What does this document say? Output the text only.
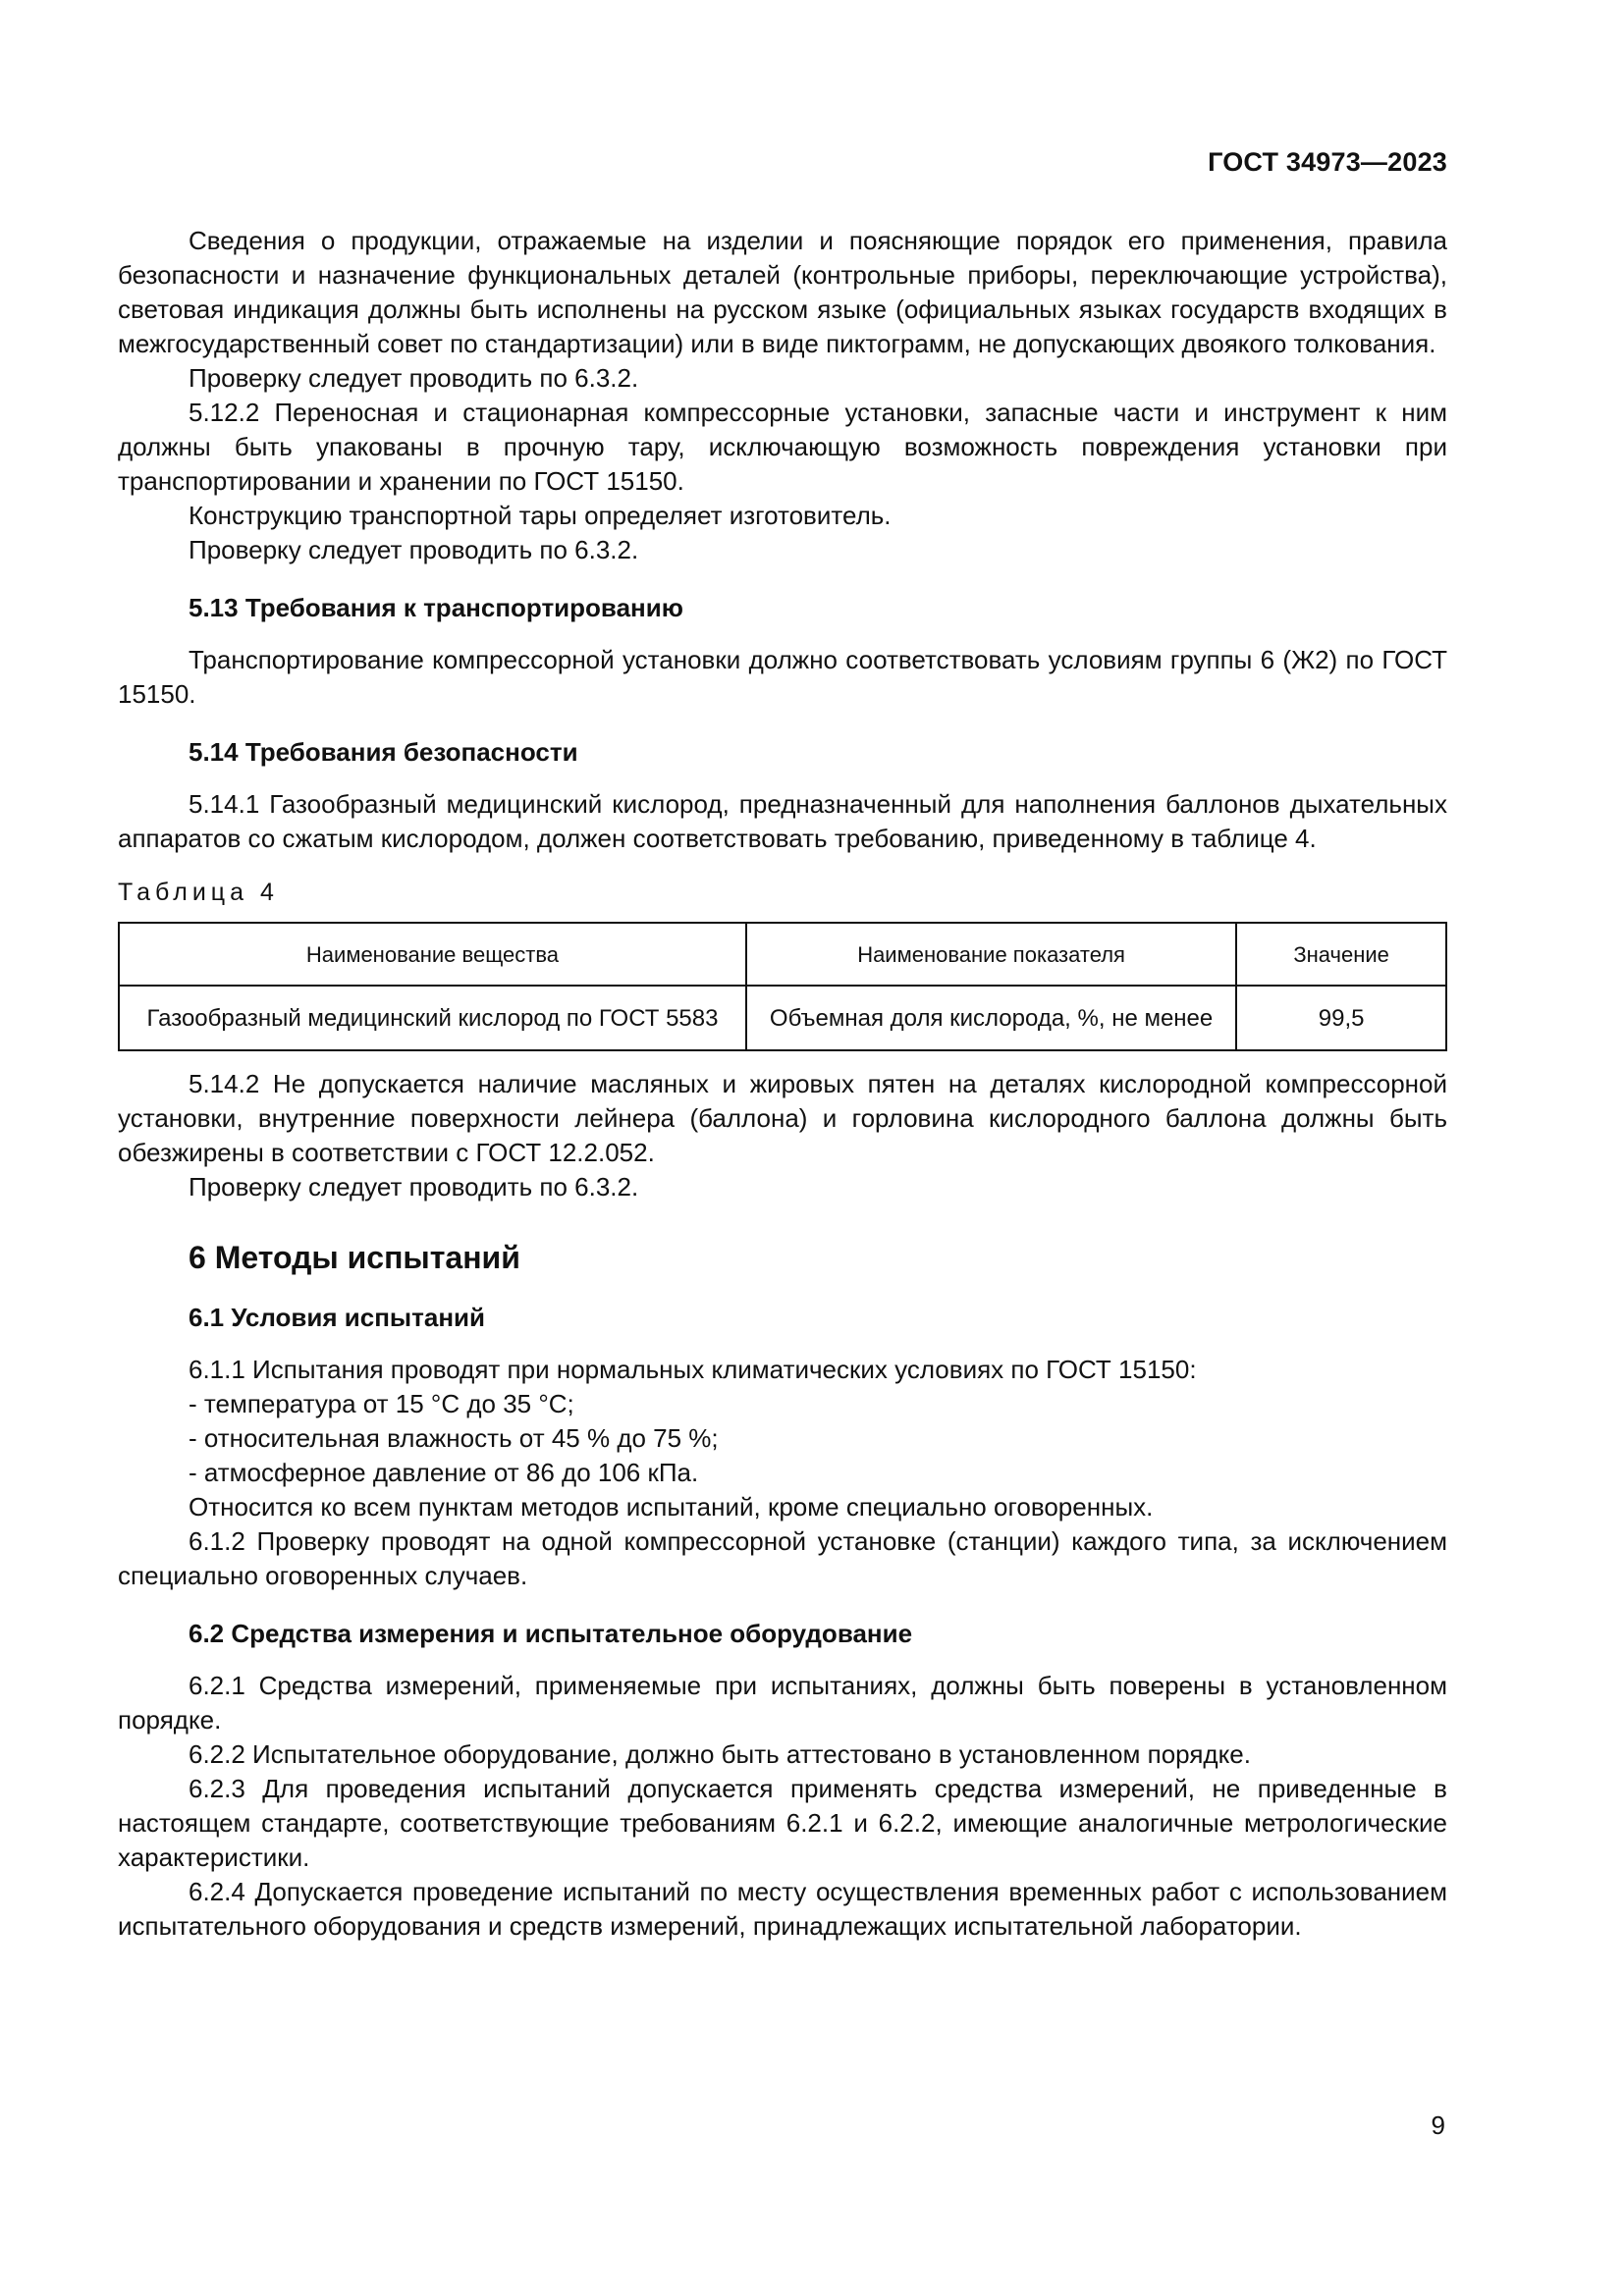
ГОСТ 34973—2023

Сведения о продукции, отражаемые на изделии и поясняющие порядок его применения, правила безопасности и назначение функциональных деталей (контрольные приборы, переключающие устройства), световая индикация должны быть исполнены на русском языке (официальных языках государств входящих в межгосударственный совет по стандартизации) или в виде пиктограмм, не допускающих двоякого толкования.

Проверку следует проводить по 6.3.2.

5.12.2 Переносная и стационарная компрессорные установки, запасные части и инструмент к ним должны быть упакованы в прочную тару, исключающую возможность повреждения установки при транспортировании и хранении по ГОСТ 15150.

Конструкцию транспортной тары определяет изготовитель.

Проверку следует проводить по 6.3.2.

5.13 Требования к транспортированию

Транспортирование компрессорной установки должно соответствовать условиям группы 6 (Ж2) по ГОСТ 15150.

5.14 Требования безопасности

5.14.1 Газообразный медицинский кислород, предназначенный для наполнения баллонов дыхательных аппаратов со сжатым кислородом, должен соответствовать требованию, приведенному в таблице 4.

Таблица 4
Наименование вещества	Наименование показателя	Значение
Газообразный медицинский кислород по ГОСТ 5583	Объемная доля кислорода, %, не менее	99,5

5.14.2 Не допускается наличие масляных и жировых пятен на деталях кислородной компрессорной установки, внутренние поверхности лейнера (баллона) и горловина кислородного баллона должны быть обезжирены в соответствии с ГОСТ 12.2.052.

Проверку следует проводить по 6.3.2.

6 Методы испытаний
6.1 Условия испытаний

6.1.1 Испытания проводят при нормальных климатических условиях по ГОСТ 15150:

- температура от 15 °С до 35 °С;

- относительная влажность от 45 % до 75 %;

- атмосферное давление от 86 до 106 кПа.

Относится ко всем пунктам методов испытаний, кроме специально оговоренных.

6.1.2 Проверку проводят на одной компрессорной установке (станции) каждого типа, за исключением специально оговоренных случаев.

6.2 Средства измерения и испытательное оборудование

6.2.1 Средства измерений, применяемые при испытаниях, должны быть поверены в установленном порядке.

6.2.2 Испытательное оборудование, должно быть аттестовано в установленном порядке.

6.2.3 Для проведения испытаний допускается применять средства измерений, не приведенные в настоящем стандарте, соответствующие требованиям 6.2.1 и 6.2.2, имеющие аналогичные метрологические характеристики.

6.2.4 Допускается проведение испытаний по месту осуществления временных работ с использованием испытательного оборудования и средств измерений, принадлежащих испытательной лаборатории.

9
